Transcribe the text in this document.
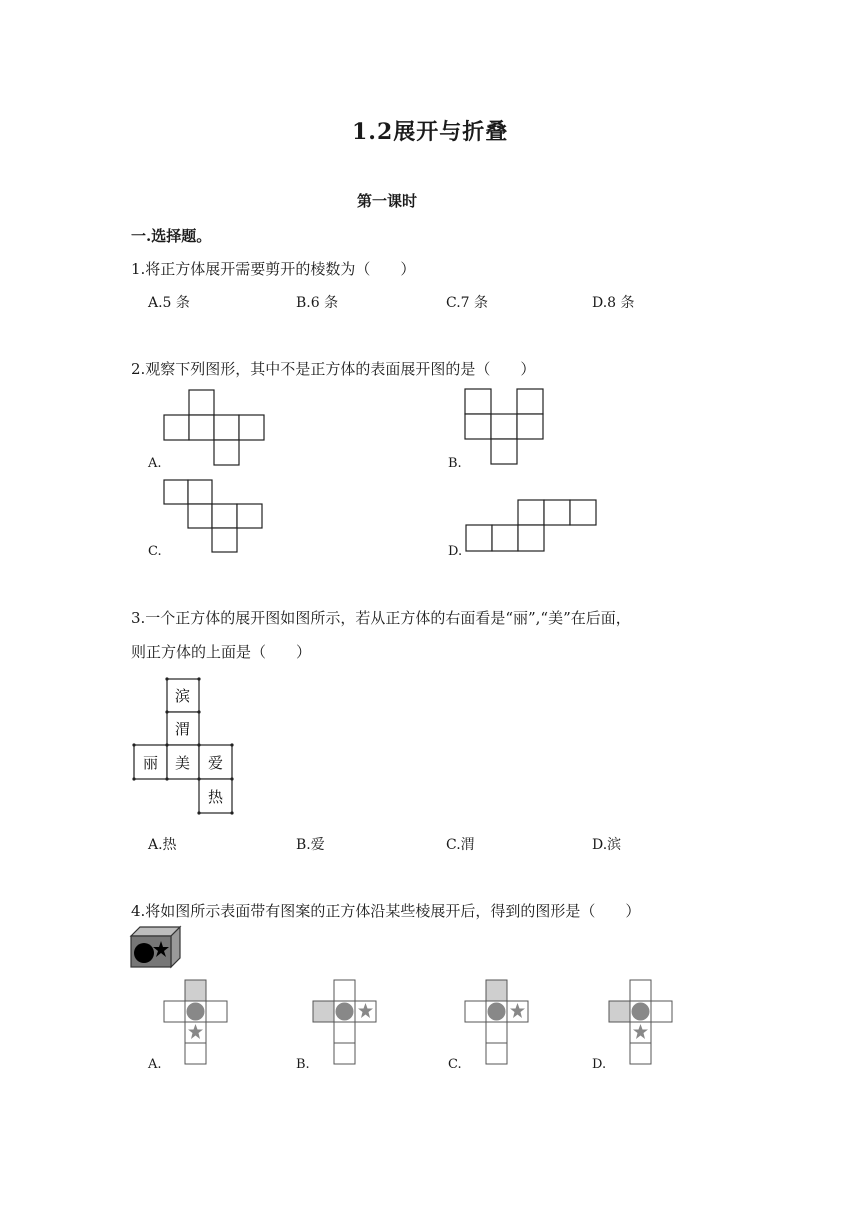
1.2展开与折叠
第一课时
一.选择题。
1.将正方体展开需要剪开的棱数为（　　）
A.5 条	B.6 条	C.7 条	D.8 条
2.观察下列图形，其中不是正方体的表面展开图的是（　　）
A.	B.
C.	D.
3.一个正方体的展开图如图所示，若从正方体的右面看是“丽”,“美”在后面，
则正方体的上面是（　　）
滨
渭
丽 美 爱
热
A.热	B.爱	C.渭	D.滨
4.将如图所示表面带有图案的正方体沿某些棱展开后，得到的图形是（　　）
A.	B.	C.	D.
